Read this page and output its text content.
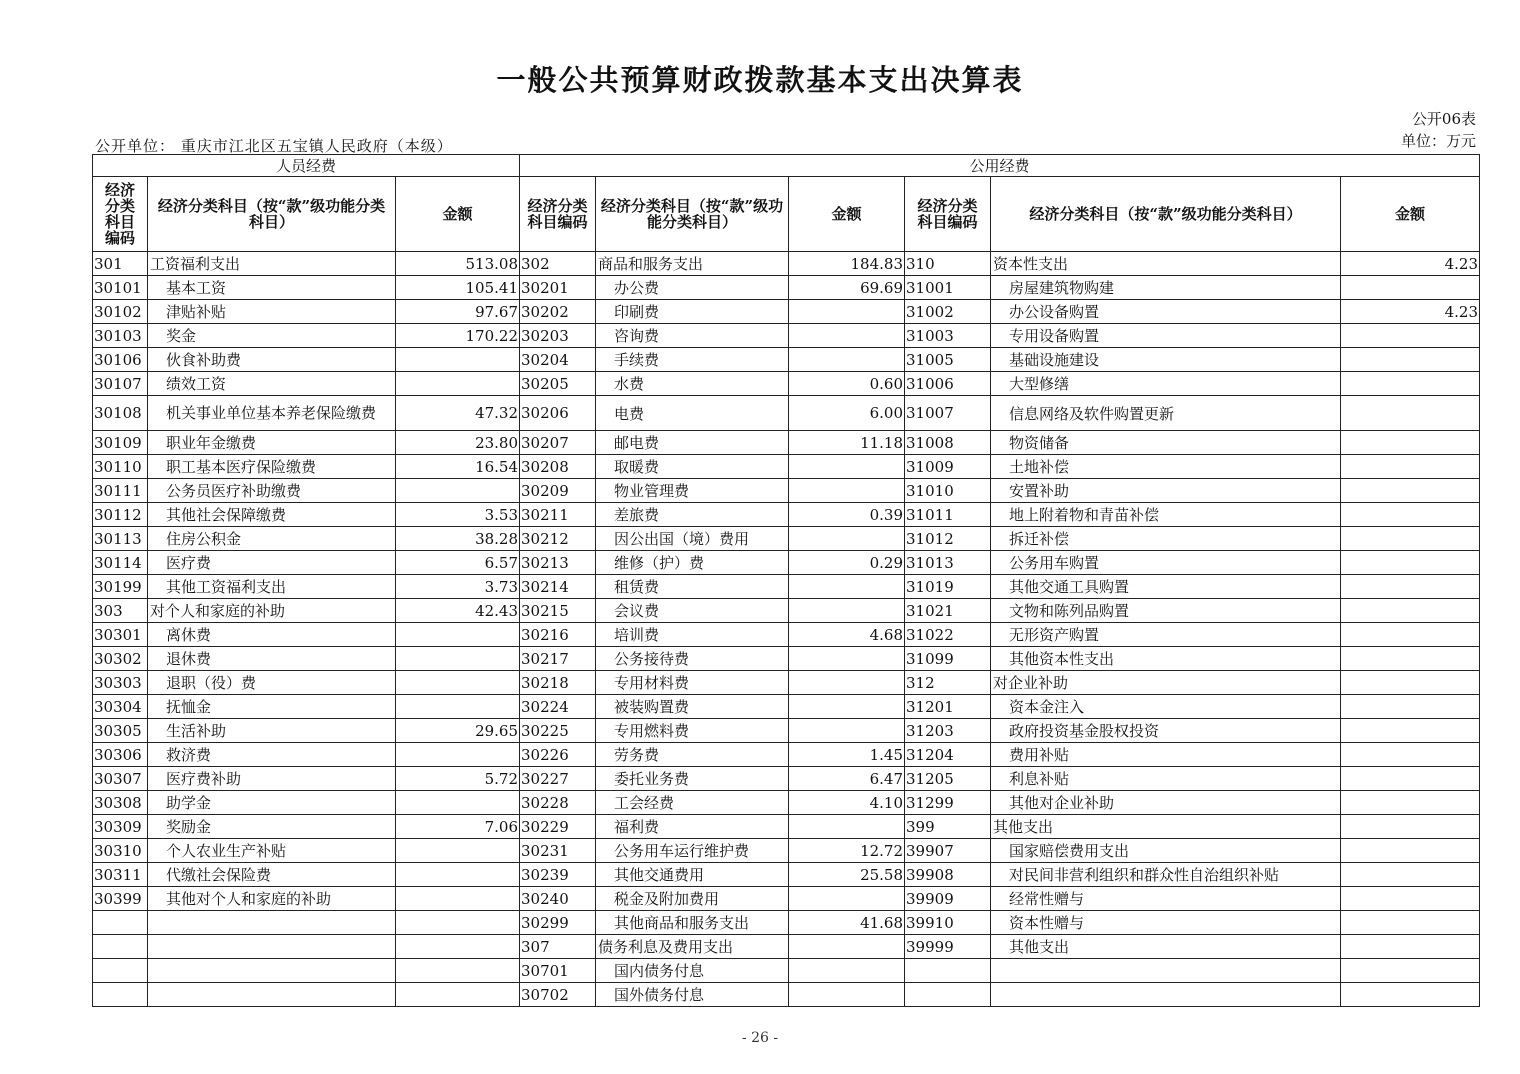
一般公共预算财政拨款基本支出决算表
公开06表
单位：万元
公开单位： 重庆市江北区五宝镇人民政府（本级）
人员经费			公用经费					
经济分类科目编码	经济分类科目（按“款”级功能分类科目）	金额	经济分类科目编码	经济分类科目（按“款”级功能分类科目）	金额	经济分类科目编码	经济分类科目（按“款”级功能分类科目）	金额
301	工资福利支出	513.08	302	商品和服务支出	184.83	310	资本性支出	4.23
30101	基本工资	105.41	30201	办公费	69.69	31001	房屋建筑物购建	
30102	津贴补贴	97.67	30202	印刷费		31002	办公设备购置	4.23
30103	奖金	170.22	30203	咨询费		31003	专用设备购置	
30106	伙食补助费		30204	手续费		31005	基础设施建设	
30107	绩效工资		30205	水费	0.60	31006	大型修缮	
30108	机关事业单位基本养老保险缴费	47.32	30206	电费	6.00	31007	信息网络及软件购置更新	
30109	职业年金缴费	23.80	30207	邮电费	11.18	31008	物资储备	
30110	职工基本医疗保险缴费	16.54	30208	取暖费		31009	土地补偿	
30111	公务员医疗补助缴费		30209	物业管理费		31010	安置补助	
30112	其他社会保障缴费	3.53	30211	差旅费	0.39	31011	地上附着物和青苗补偿	
30113	住房公积金	38.28	30212	因公出国（境）费用		31012	拆迁补偿	
30114	医疗费	6.57	30213	维修（护）费	0.29	31013	公务用车购置	
30199	其他工资福利支出	3.73	30214	租赁费		31019	其他交通工具购置	
303	对个人和家庭的补助	42.43	30215	会议费		31021	文物和陈列品购置	
30301	离休费		30216	培训费	4.68	31022	无形资产购置	
30302	退休费		30217	公务接待费		31099	其他资本性支出	
30303	退职（役）费		30218	专用材料费		312	对企业补助	
30304	抚恤金		30224	被装购置费		31201	资本金注入	
30305	生活补助	29.65	30225	专用燃料费		31203	政府投资基金股权投资	
30306	救济费		30226	劳务费	1.45	31204	费用补贴	
30307	医疗费补助	5.72	30227	委托业务费	6.47	31205	利息补贴	
30308	助学金		30228	工会经费	4.10	31299	其他对企业补助	
30309	奖励金	7.06	30229	福利费		399	其他支出	
30310	个人农业生产补贴		30231	公务用车运行维护费	12.72	39907	国家赔偿费用支出	
30311	代缴社会保险费		30239	其他交通费用	25.58	39908	对民间非营利组织和群众性自治组织补贴	
30399	其他对个人和家庭的补助		30240	税金及附加费用		39909	经常性赠与	
			30299	其他商品和服务支出	41.68	39910	资本性赠与	
			307	债务利息及费用支出		39999	其他支出	
			30701	国内债务付息				
			30702	国外债务付息				
- 26 -
